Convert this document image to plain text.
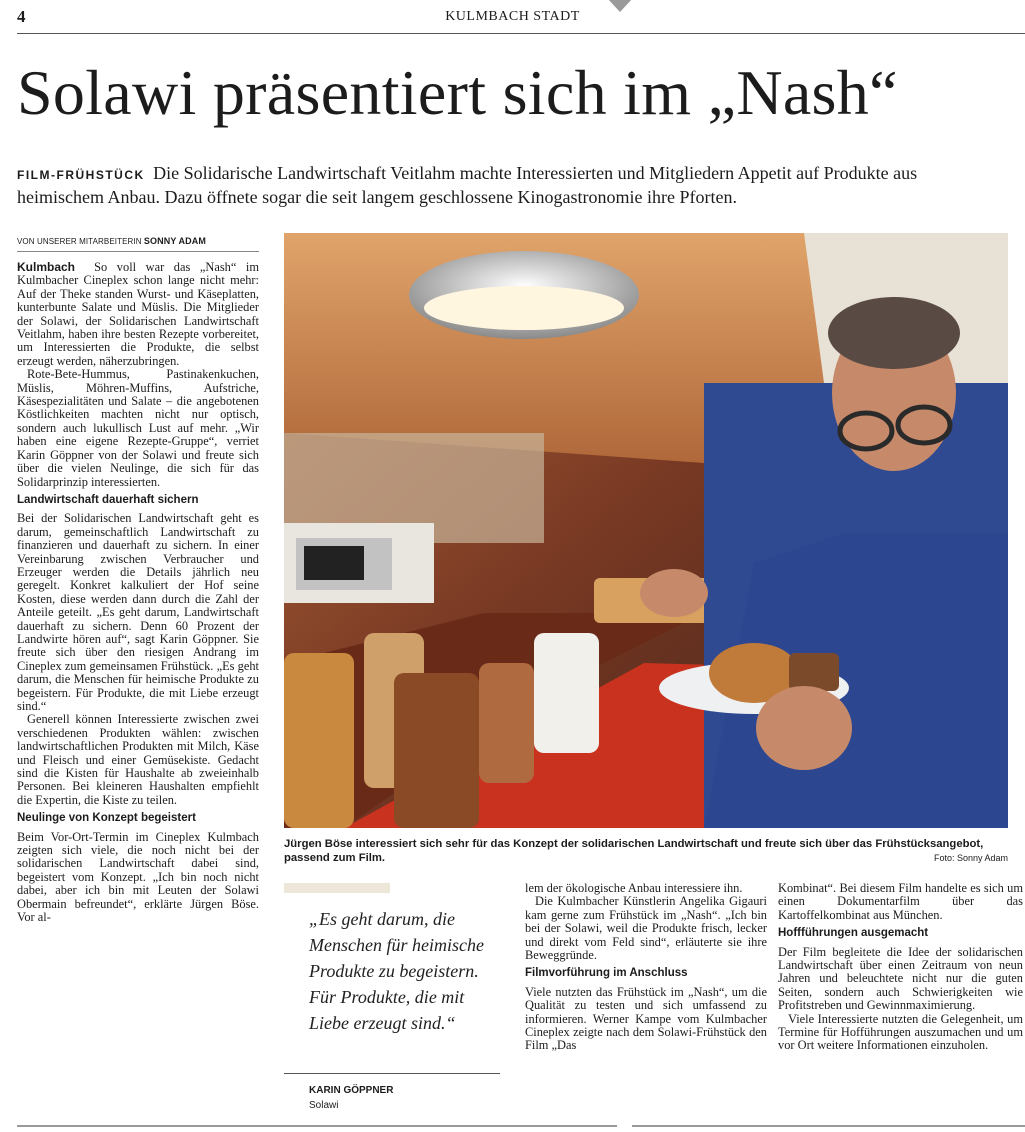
4	KULMBACH STADT
Solawi präsentiert sich im „Nash“
FILM-FRÜHSTÜCK Die Solidarische Landwirtschaft Veitlahm machte Interessierten und Mitgliedern Appetit auf Produkte aus heimischem Anbau. Dazu öffnete sogar die seit langem geschlossene Kinogastronomie ihre Pforten.
VON UNSERER MITARBEITERIN SONNY ADAM

Kulmbach So voll war das „Nash“ im Kulmbacher Cineplex schon lange nicht mehr: Auf der Theke standen Wurst- und Käseplatten, kunterbunte Salate und Müslis. Die Mitglieder der Solawi, der Solidarischen Landwirtschaft Veitlahm, haben ihre besten Rezepte vorbereitet, um Interessierten die Produkte, die selbst erzeugt werden, näherzubringen.

Rote-Bete-Hummus, Pastinakenkuchen, Müslis, Möhren-Muffins, Aufstriche, Käsespezialitäten und Salate – die angebotenen Köstlichkeiten machten nicht nur optisch, sondern auch lukullisch Lust auf mehr. „Wir haben eine eigene Rezepte-Gruppe“, verriet Karin Göppner von der Solawi und freute sich über die vielen Neulinge, die sich für das Solidarprinzip interessierten.

Landwirtschaft dauerhaft sichern

Bei der Solidarischen Landwirtschaft geht es darum, gemeinschaftlich Landwirtschaft zu finanzieren und dauerhaft zu sichern. In einer Vereinbarung zwischen Verbraucher und Erzeuger werden die Details jährlich neu geregelt. Konkret kalkuliert der Hof seine Kosten, diese werden dann durch die Zahl der Anteile geteilt. „Es geht darum, Landwirtschaft dauerhaft zu sichern. Denn 60 Prozent der Landwirte hören auf“, sagt Karin Göppner. Sie freute sich über den riesigen Andrang im Cineplex zum gemeinsamen Frühstück. „Es geht darum, die Menschen für heimische Produkte zu begeistern. Für Produkte, die mit Liebe erzeugt sind.“

Generell können Interessierte zwischen zwei verschiedenen Produkten wählen: zwischen landwirtschaftlichen Produkten mit Milch, Käse und Fleisch und einer Gemüsekiste. Gedacht sind die Kisten für Haushalte ab zweieinhalb Personen. Bei kleineren Haushalten empfiehlt die Expertin, die Kiste zu teilen.

Neulinge von Konzept begeistert

Beim Vor-Ort-Termin im Cineplex Kulmbach zeigten sich viele, die noch nicht bei der solidarischen Landwirtschaft dabei sind, begeistert vom Konzept. „Ich bin noch nicht dabei, aber ich bin mit Leuten der Solawi Obermain befreundet“, erklärte Jürgen Böse. Vor al-

Jürgen Böse interessiert sich sehr für das Konzept der solidarischen Landwirtschaft und freute sich über das Frühstücksangebot, passend zum Film.	Foto: Sonny Adam
„Es geht darum, die Menschen für heimische Produkte zu begeistern. Für Produkte, die mit Liebe erzeugt sind.“
KARIN GÖPPNER
Solawi

lem der ökologische Anbau interessiere ihn.

Die Kulmbacher Künstlerin Angelika Gigauri kam gerne zum Frühstück im „Nash“. „Ich bin bei der Solawi, weil die Produkte frisch, lecker und direkt vom Feld sind“, erläuterte sie ihre Beweggründe.

Filmvorführung im Anschluss

Viele nutzten das Frühstück im „Nash“, um die Qualität zu testen und sich umfassend zu informieren. Werner Kampe vom Kulmbacher Cineplex zeigte nach dem Solawi-Frühstück den Film „Das

Kombinat“. Bei diesem Film handelte es sich um einen Dokumentarfilm über das Kartoffelkombinat aus München.

Hoffführungen ausgemacht

Der Film begleitete die Idee der solidarischen Landwirtschaft über einen Zeitraum von neun Jahren und beleuchtete nicht nur die guten Seiten, sondern auch Schwierigkeiten wie Profitstreben und Gewinnmaximierung.

Viele Interessierte nutzten die Gelegenheit, um Termine für Hofführungen auszumachen und um vor Ort weitere Informationen einzuholen.
